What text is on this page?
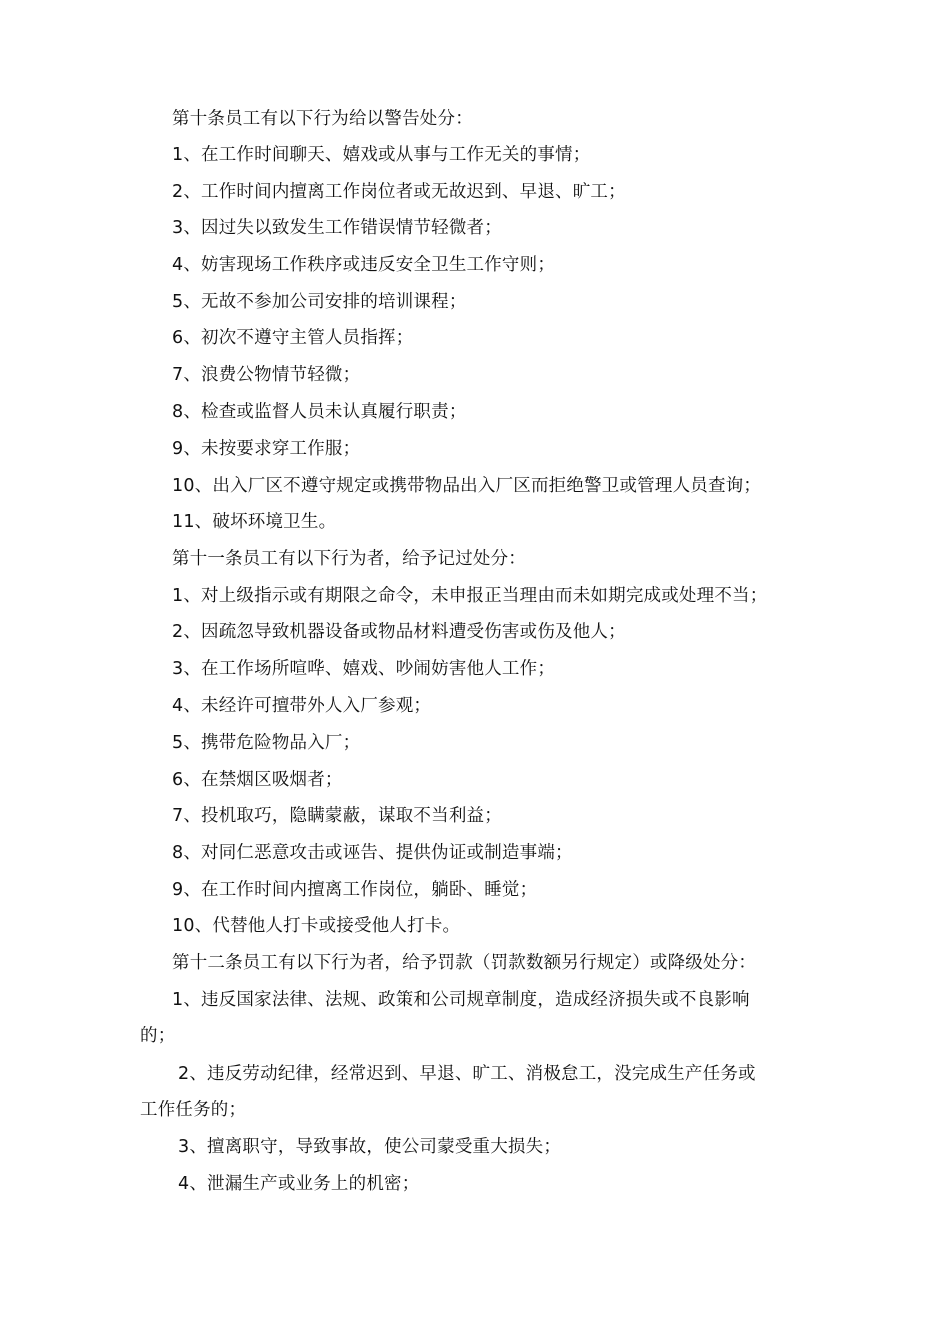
第十条员工有以下行为给以警告处分：
1、在工作时间聊天、嬉戏或从事与工作无关的事情；
2、工作时间内擅离工作岗位者或无故迟到、早退、旷工；
3、因过失以致发生工作错误情节轻微者；
4、妨害现场工作秩序或违反安全卫生工作守则；
5、无故不参加公司安排的培训课程；
6、初次不遵守主管人员指挥；
7、浪费公物情节轻微；
8、检查或监督人员未认真履行职责；
9、未按要求穿工作服；
10、出入厂区不遵守规定或携带物品出入厂区而拒绝警卫或管理人员查询；
11、破坏环境卫生。
第十一条员工有以下行为者，给予记过处分：
1、对上级指示或有期限之命令，未申报正当理由而未如期完成或处理不当；
2、因疏忽导致机器设备或物品材料遭受伤害或伤及他人；
3、在工作场所喧哗、嬉戏、吵闹妨害他人工作；
4、未经许可擅带外人入厂参观；
5、携带危险物品入厂；
6、在禁烟区吸烟者；
7、投机取巧，隐瞒蒙蔽，谋取不当利益；
8、对同仁恶意攻击或诬告、提供伪证或制造事端；
9、在工作时间内擅离工作岗位，躺卧、睡觉；
10、代替他人打卡或接受他人打卡。
第十二条员工有以下行为者，给予罚款（罚款数额另行规定）或降级处分：
1、违反国家法律、法规、政策和公司规章制度，造成经济损失或不良影响
的；
2、违反劳动纪律，经常迟到、早退、旷工、消极怠工，没完成生产任务或
工作任务的；
3、擅离职守，导致事故，使公司蒙受重大损失；
4、泄漏生产或业务上的机密；
